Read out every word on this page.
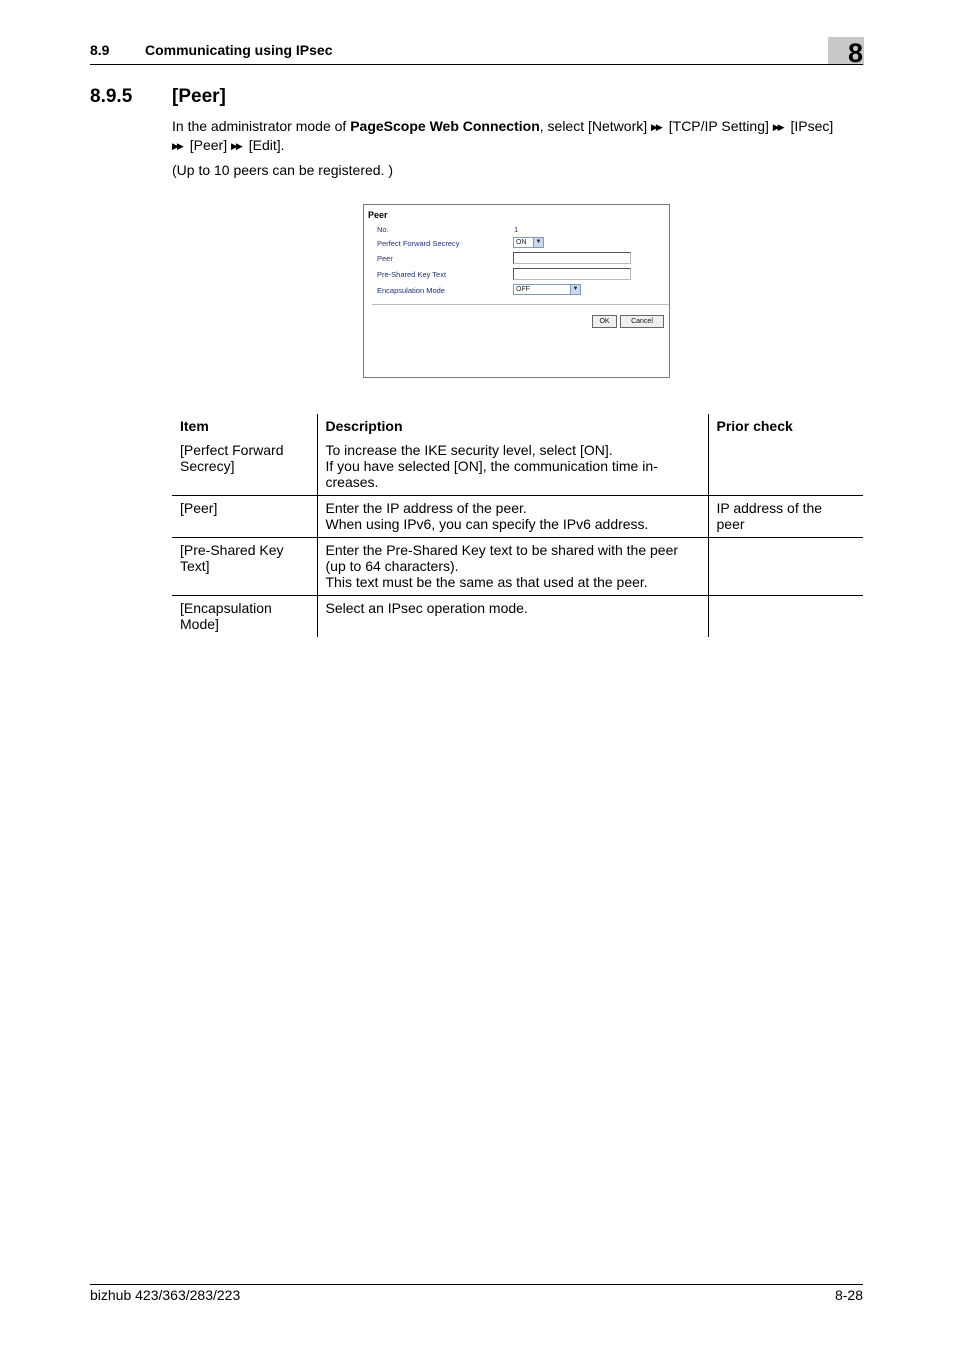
8.9	Communicating using IPsec	8
8.9.5 [Peer]
In the administrator mode of PageScope Web Connection, select [Network] ▶▶ [TCP/IP Setting] ▶▶ [IPsec]
▶▶ [Peer] ▶▶ [Edit].
(Up to 10 peers can be registered. )
Peer
No.	1
Perfect Forward Secrecy	ON	▼
Peer
Pre-Shared Key Text
Encapsulation Mode	OFF	▼
OK	Cancel
Item	Description	Prior check

[Perfect Forward Secrecy]	To increase the IKE security level, select [ON].
If you have selected [ON], the communication time in-creases.	

[Peer]	Enter the IP address of the peer.
When using IPv6, you can specify the IPv6 address.	IP address of the peer

[Pre-Shared Key Text]	Enter the Pre-Shared Key text to be shared with the peer (up to 64 characters).
This text must be the same as that used at the peer.	

[Encapsulation Mode]	Select an IPsec operation mode.	

bizhub 423/363/283/223	8-28
